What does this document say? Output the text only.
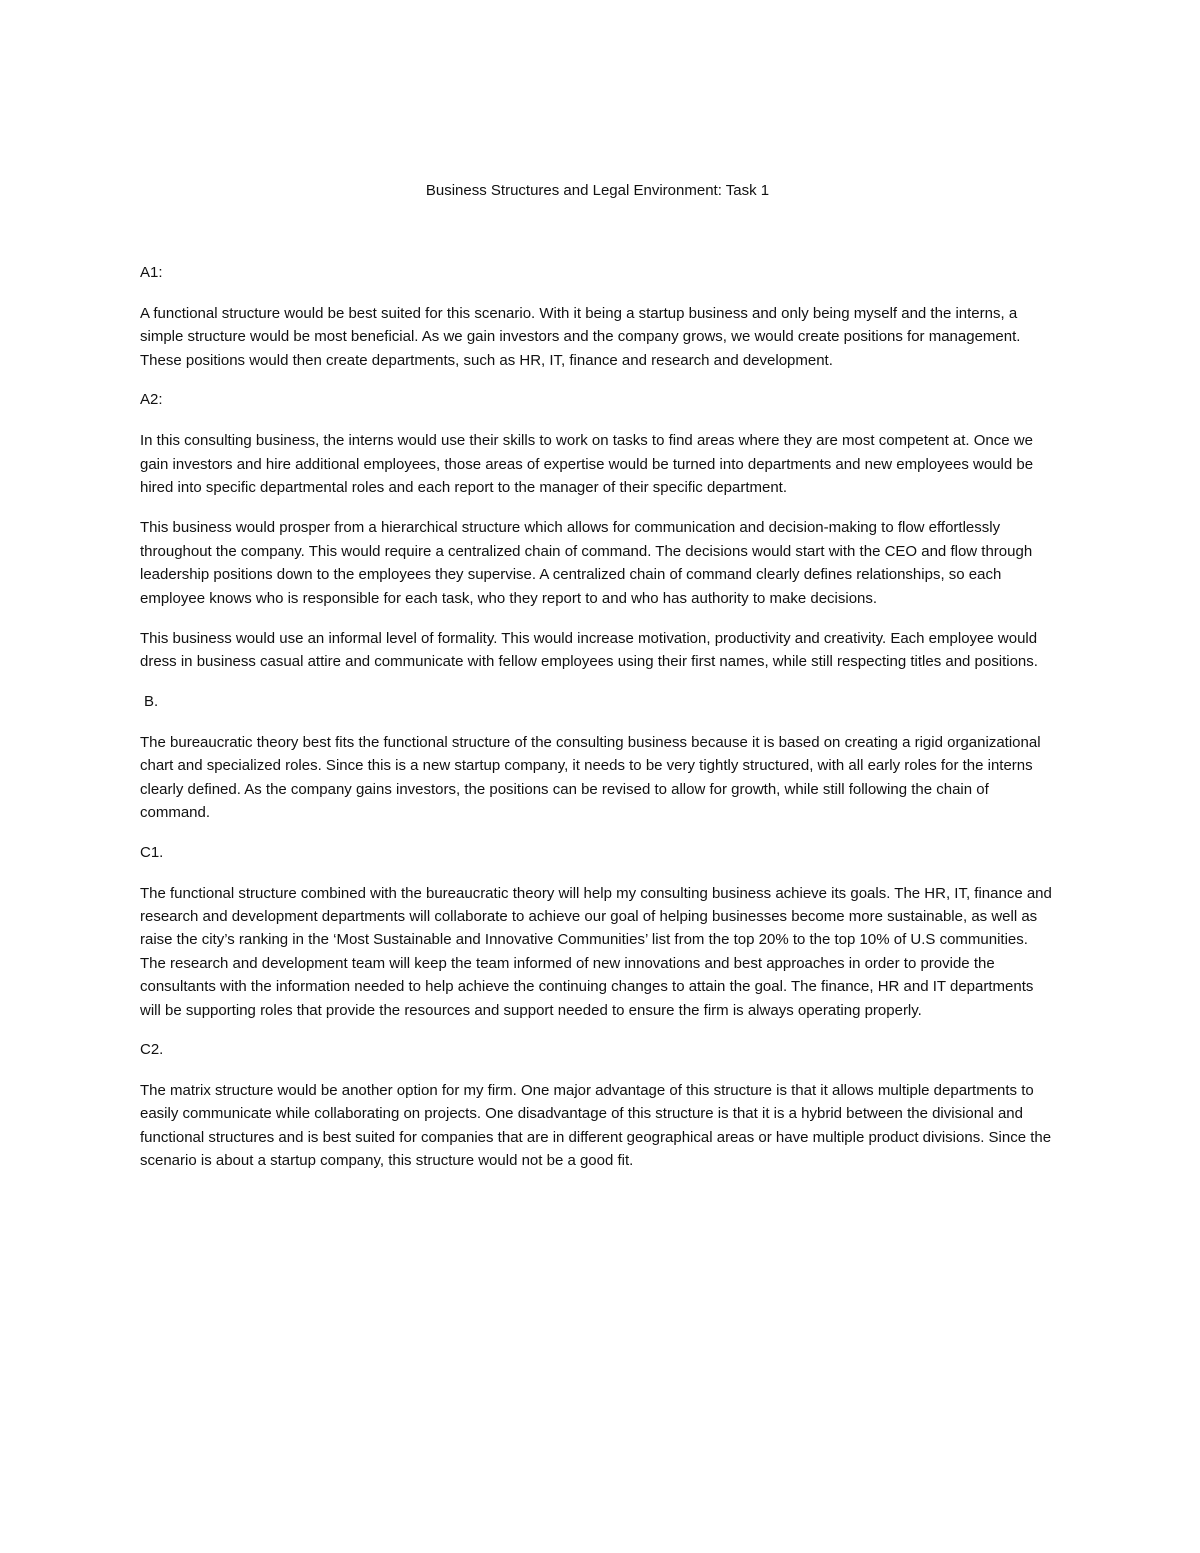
Business Structures and Legal Environment: Task 1
A1:

A functional structure would be best suited for this scenario. With it being a startup business and only being myself and the interns, a simple structure would be most beneficial. As we gain investors and the company grows, we would create positions for management. These positions would then create departments, such as HR, IT, finance and research and development.

A2:

In this consulting business, the interns would use their skills to work on tasks to find areas where they are most competent at. Once we gain investors and hire additional employees, those areas of expertise would be turned into departments and new employees would be hired into specific departmental roles and each report to the manager of their specific department.

This business would prosper from a hierarchical structure which allows for communication and decision-making to flow effortlessly throughout the company. This would require a centralized chain of command. The decisions would start with the CEO and flow through leadership positions down to the employees they supervise. A centralized chain of command clearly defines relationships, so each employee knows who is responsible for each task, who they report to and who has authority to make decisions.

This business would use an informal level of formality. This would increase motivation, productivity and creativity. Each employee would dress in business casual attire and communicate with fellow employees using their first names, while still respecting titles and positions.

B.

The bureaucratic theory best fits the functional structure of the consulting business because it is based on creating a rigid organizational chart and specialized roles. Since this is a new startup company, it needs to be very tightly structured, with all early roles for the interns clearly defined. As the company gains investors, the positions can be revised to allow for growth, while still following the chain of command.

C1.

The functional structure combined with the bureaucratic theory will help my consulting business achieve its goals. The HR, IT, finance and research and development departments will collaborate to achieve our goal of helping businesses become more sustainable, as well as raise the city’s ranking in the ‘Most Sustainable and Innovative Communities’ list from the top 20% to the top 10% of U.S communities. The research and development team will keep the team informed of new innovations and best approaches in order to provide the consultants with the information needed to help achieve the continuing changes to attain the goal. The finance, HR and IT departments will be supporting roles that provide the resources and support needed to ensure the firm is always operating properly.

C2.

The matrix structure would be another option for my firm. One major advantage of this structure is that it allows multiple departments to easily communicate while collaborating on projects. One disadvantage of this structure is that it is a hybrid between the divisional and functional structures and is best suited for companies that are in different geographical areas or have multiple product divisions. Since the scenario is about a startup company, this structure would not be a good fit.
